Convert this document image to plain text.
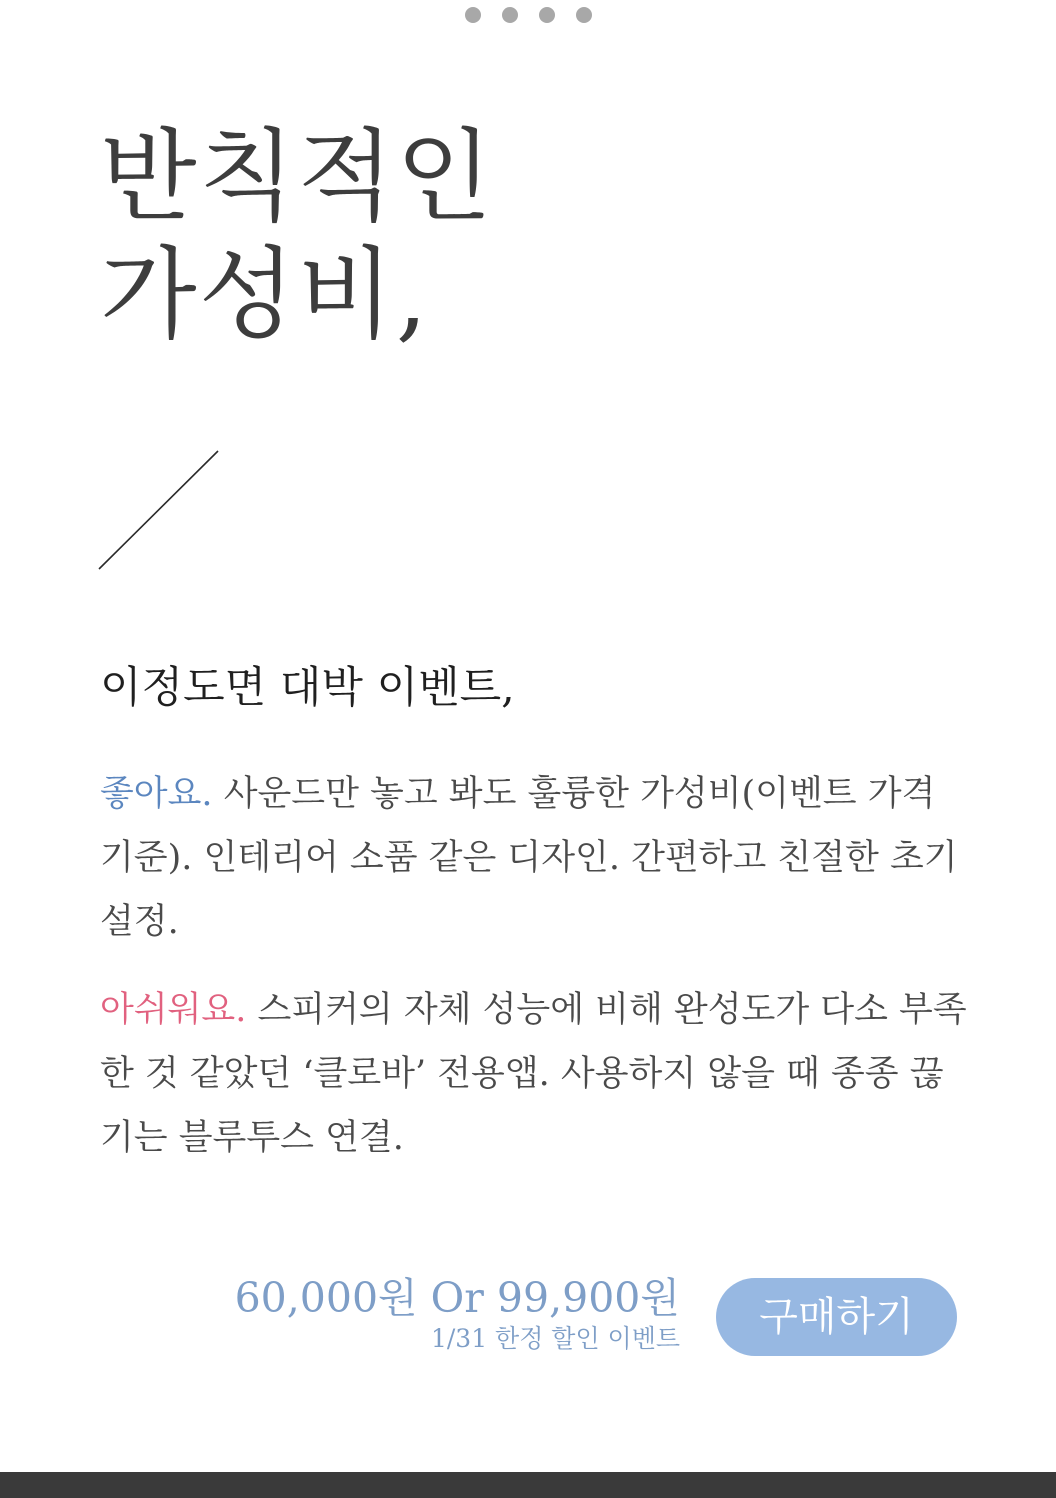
반칙적인
가성비,
이정도면 대박 이벤트,

좋아요. 사운드만 놓고 봐도 훌륭한 가성비(이벤트 가격 기준). 인테리어 소품 같은 디자인. 간편하고 친절한 초기 설정.

아쉬워요. 스피커의 자체 성능에 비해 완성도가 다소 부족한 것 같았던 ‘클로바’ 전용앱. 사용하지 않을 때 종종 끊기는 블루투스 연결.

60,000원 Or 99,900원
1/31 한정 할인 이벤트	구매하기
